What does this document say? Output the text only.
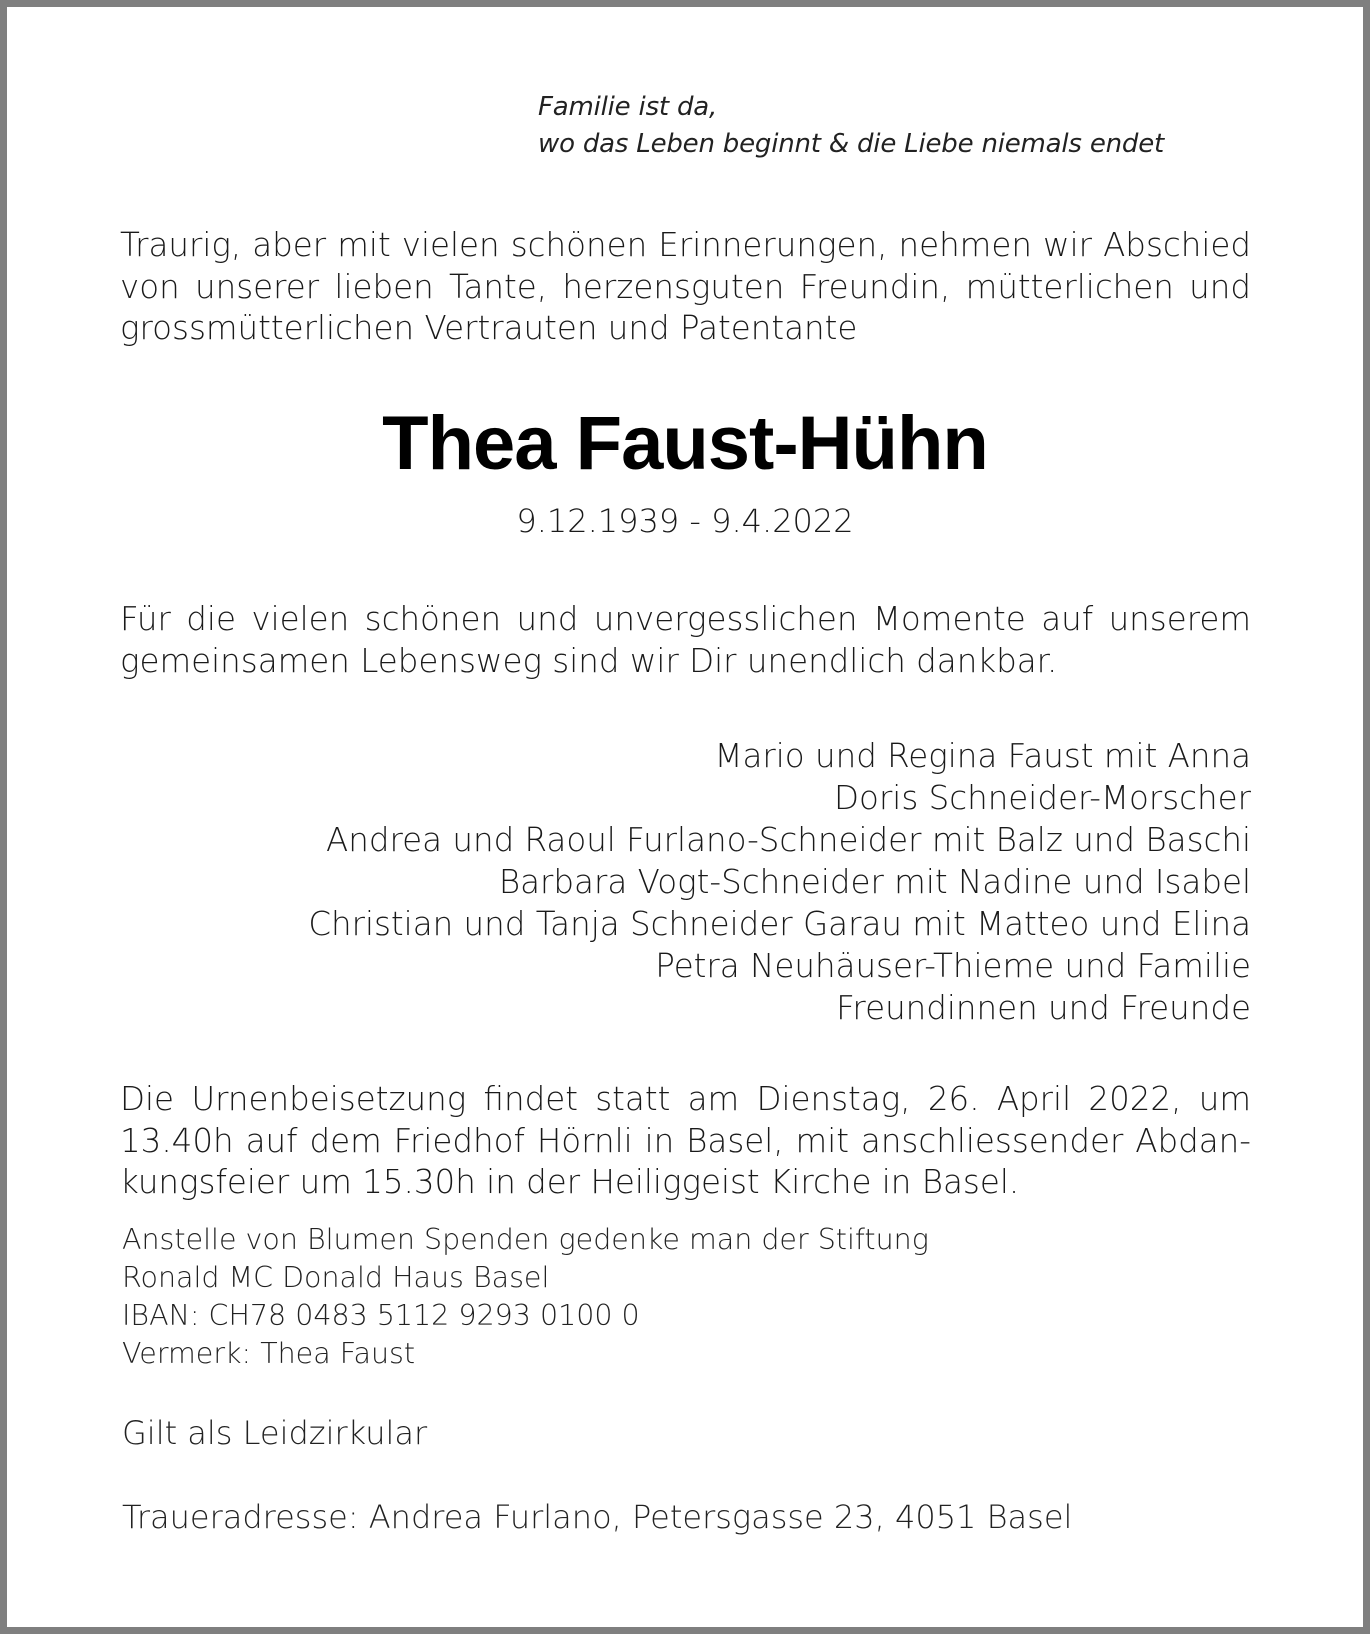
Familie ist da,
wo das Leben beginnt & die Liebe niemals endet
Traurig, aber mit vielen schönen Erinnerungen, nehmen wir Abschied
von unserer lieben Tante, herzensguten Freundin, mütterlichen und
grossmütterlichen Vertrauten und Patentante
Thea Faust-Hühn
9.12.1939 - 9.4.2022
Für die vielen schönen und unvergesslichen Momente auf unserem
gemeinsamen Lebensweg sind wir Dir unendlich dankbar.
Mario und Regina Faust mit Anna
Doris Schneider-Morscher
Andrea und Raoul Furlano-Schneider mit Balz und Baschi
Barbara Vogt-Schneider mit Nadine und Isabel
Christian und Tanja Schneider Garau mit Matteo und Elina
Petra Neuhäuser-Thieme und Familie
Freundinnen und Freunde
Die Urnenbeisetzung findet statt am Dienstag, 26. April 2022, um
13.40h auf dem Friedhof Hörnli in Basel, mit anschliessender Abdan-
kungsfeier um 15.30h in der Heiliggeist Kirche in Basel.
Anstelle von Blumen Spenden gedenke man der Stiftung
Ronald MC Donald Haus Basel
IBAN: CH78 0483 5112 9293 0100 0
Vermerk: Thea Faust
Gilt als Leidzirkular
Traueradresse: Andrea Furlano, Petersgasse 23, 4051 Basel
